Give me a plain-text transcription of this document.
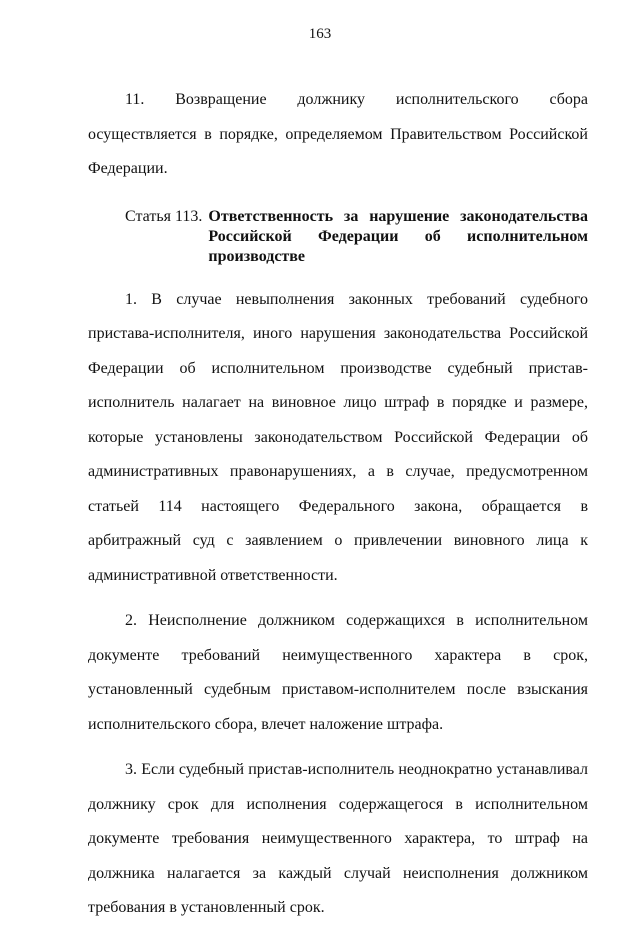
163

11. Возвращение должнику исполнительского сбора осуществляется в порядке, определяемом Правительством Российской Федерации.

Статья 113. Ответственность за нарушение законодательства Российской Федерации об исполнительном производстве

1. В случае невыполнения законных требований судебного пристава-исполнителя, иного нарушения законодательства Российской Федерации об исполнительном производстве судебный пристав-исполнитель налагает на виновное лицо штраф в порядке и размере, которые установлены законодательством Российской Федерации об административных правонарушениях, а в случае, предусмотренном статьей 114 настоящего Федерального закона, обращается в арбитражный суд с заявлением о привлечении виновного лица к административной ответственности.

2. Неисполнение должником содержащихся в исполнительном документе требований неимущественного характера в срок, установленный судебным приставом-исполнителем после взыскания исполнительского сбора, влечет наложение штрафа.

3. Если судебный пристав-исполнитель неоднократно устанавливал должнику срок для исполнения содержащегося в исполнительном документе требования неимущественного характера, то штраф на должника налагается за каждый случай неисполнения должником требования в установленный срок.
